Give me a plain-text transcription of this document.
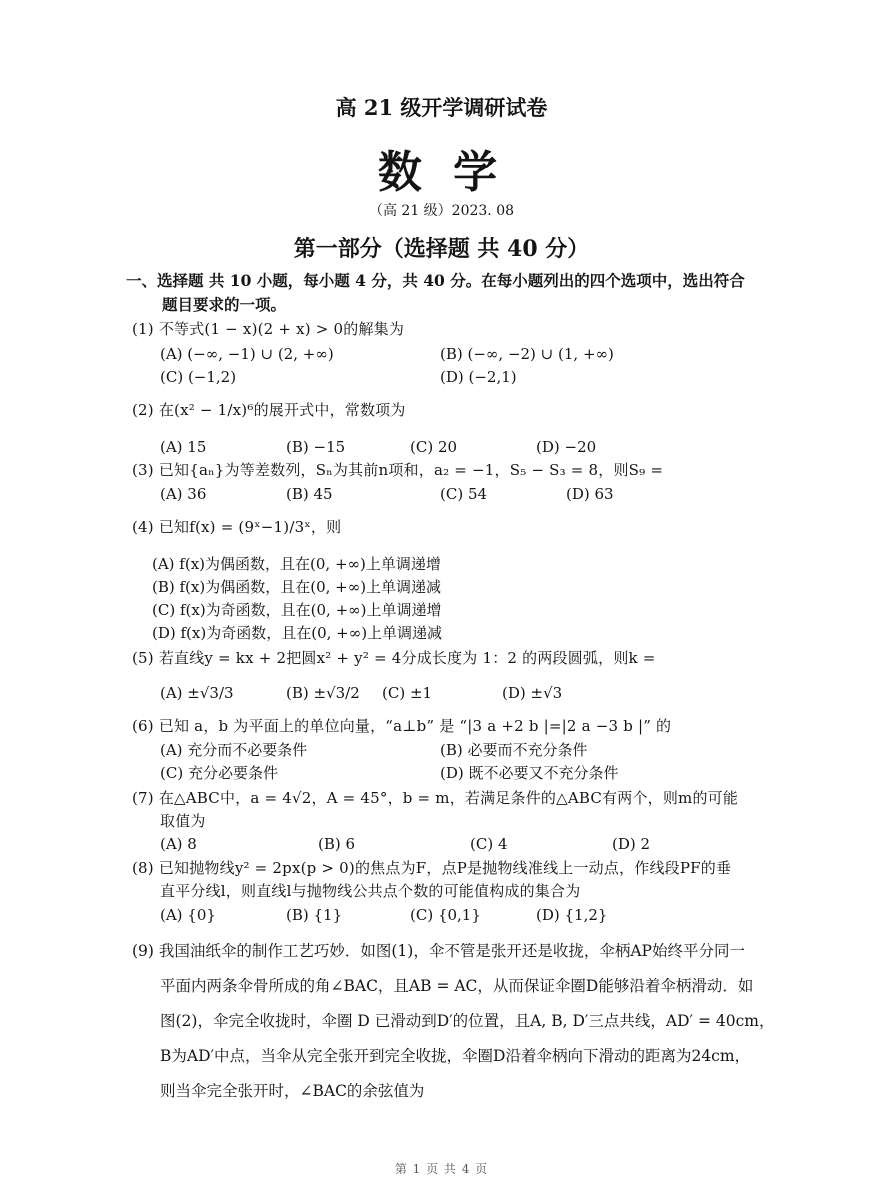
高 21 级开学调研试卷
数 学
（高 21 级）2023. 08
第一部分（选择题 共 40 分）
一、选择题 共 10 小题，每小题 4 分，共 40 分。在每小题列出的四个选项中，选出符合
题目要求的一项。
(1) 不等式(1 − x)(2 + x) > 0的解集为
(A) (−∞, −1) ∪ (2, +∞)	(B) (−∞, −2) ∪ (1, +∞)
(C) (−1,2)	(D) (−2,1)
(2) 在(x² − 1/x)⁶的展开式中，常数项为
(A) 15	(B) −15	(C) 20	(D) −20
(3) 已知{aₙ}为等差数列，Sₙ为其前n项和，a₂ = −1，S₅ − S₃ = 8，则S₉ =
(A) 36	(B) 45	(C) 54	(D) 63
(4) 已知f(x) = (9ˣ−1)/3ˣ，则
(A) f(x)为偶函数，且在(0, +∞)上单调递增
(B) f(x)为偶函数，且在(0, +∞)上单调递减
(C) f(x)为奇函数，且在(0, +∞)上单调递增
(D) f(x)为奇函数，且在(0, +∞)上单调递减
(5) 若直线y = kx + 2把圆x² + y² = 4分成长度为 1：2 的两段圆弧，则k =
(A) ±√3/3	(B) ±√3/2 (C) ±1	(D) ±√3
(6) 已知 a，b 为平面上的单位向量，“a⊥b” 是 “|3 a +2 b |=|2 a −3 b |” 的
(A) 充分而不必要条件	(B) 必要而不充分条件
(C) 充分必要条件	(D) 既不必要又不充分条件
(7) 在△ABC中，a = 4√2，A = 45°，b = m，若满足条件的△ABC有两个，则m的可能
取值为
(A) 8	(B) 6	(C) 4	(D) 2
(8) 已知抛物线y² = 2px(p > 0)的焦点为F，点P是抛物线准线上一动点，作线段PF的垂
直平分线l，则直线l与抛物线公共点个数的可能值构成的集合为
(A) {0}	(B) {1}	(C) {0,1}	(D) {1,2}
(9) 我国油纸伞的制作工艺巧妙．如图(1)，伞不管是张开还是收拢，伞柄AP始终平分同一
平面内两条伞骨所成的角∠BAC，且AB = AC，从而保证伞圈D能够沿着伞柄滑动．如
图(2)，伞完全收拢时，伞圈 D 已滑动到D′的位置，且A, B, D′三点共线，AD′ = 40cm，
B为AD′中点，当伞从完全张开到完全收拢，伞圈D沿着伞柄向下滑动的距离为24cm，
则当伞完全张开时，∠BAC的余弦值为
第 1 页 共 4 页
